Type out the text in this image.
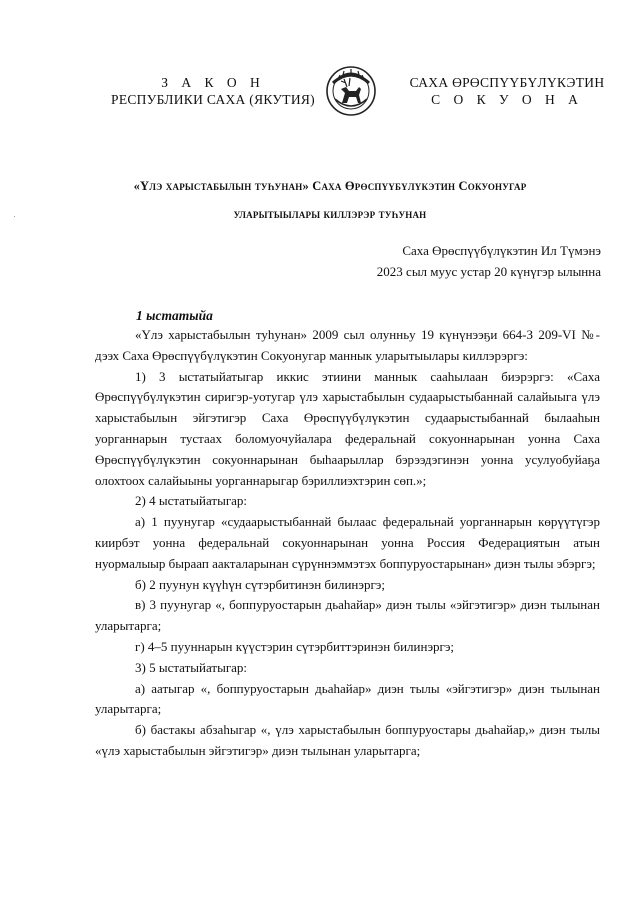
З А К О Н
РЕСПУБЛИКИ САХА (ЯКУТИЯ)
САХА ӨРӨСПҮҮБҮЛҮКЭТИН
С О К У О Н А
«Үлэ харыстабылын туһунан» Саха Өрөспүүбүлүкэтин Сокуонугар
уларытыылары киллэрэр туһунан
Саха Өрөспүүбүлүкэтин Ил Түмэнэ
2023 сыл муус устар 20 күнүгэр ылынна
1 ыстатыйа

«Үлэ харыстабылын туһунан» 2009 сыл олунньу 19 күнүнээҕи 664-З 209-VI №-дээх Саха Өрөспүүбүлүкэтин Сокуонугар маннык уларытыылары киллэрэргэ:

1) 3 ыстатыйатыгар иккис этиини маннык сааһылаан биэрэргэ: «Саха Өрөспүүбүлүкэтин сиригэр-уотугар үлэ харыстабылын судаарыстыбаннай салайыыга үлэ харыстабылын эйгэтигэр Саха Өрөспүүбүлүкэтин судаарыстыбаннай былааһын уорганнарын тустаах боломуочуйалара федеральнай сокуоннарынан уонна Саха Өрөспүүбүлүкэтин сокуоннарынан быһаарыллар бэрээдэгинэн уонна усулуобуйаҕа олохтоох салайыыны уорганнарыгар бэриллиэхтэрин сөп.»;

2) 4 ыстатыйатыгар:

а) 1 пуунугар «судаарыстыбаннай былаас федеральнай уорганнарын көрүүтүгэр киирбэт уонна федеральнай сокуоннарынан уонна Россия Федерациятын атын нуормалыыр быраап аакталарынан сүрүннэммэтэх боппуруостарынан» диэн тылы эбэргэ;

б) 2 пуунун күүһүн сүтэрбитинэн билинэргэ;

в) 3 пуунугар «, боппуруостарын дьаһайар» диэн тылы «эйгэтигэр» диэн тылынан уларытарга;

г) 4–5 пууннарын күүстэрин сүтэрбиттэринэн билинэргэ;

3) 5 ыстатыйатыгар:

а) аатыгар «, боппуруостарын дьаһайар» диэн тылы «эйгэтигэр» диэн тылынан уларытарга;

б) бастакы абзаһыгар «, үлэ харыстабылын боппуруостары дьаһайар,» диэн тылы «үлэ харыстабылын эйгэтигэр» диэн тылынан уларытарга;
